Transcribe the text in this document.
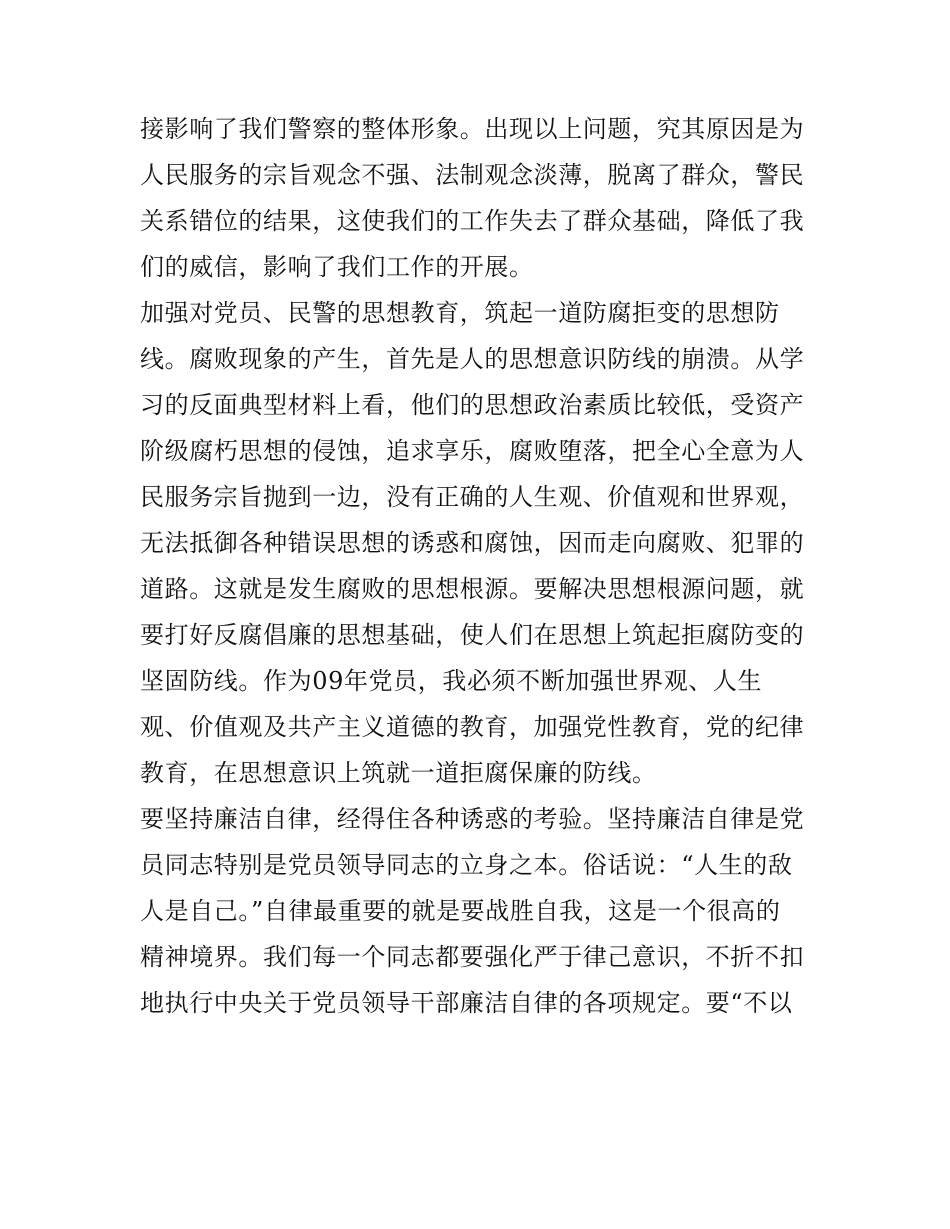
接影响了我们警察的整体形象。出现以上问题，究其原因是为
人民服务的宗旨观念不强、法制观念淡薄，脱离了群众，警民
关系错位的结果，这使我们的工作失去了群众基础，降低了我
们的威信，影响了我们工作的开展。
加强对党员、民警的思想教育，筑起一道防腐拒变的思想防
线。腐败现象的产生，首先是人的思想意识防线的崩溃。从学
习的反面典型材料上看，他们的思想政治素质比较低，受资产
阶级腐朽思想的侵蚀，追求享乐，腐败堕落，把全心全意为人
民服务宗旨抛到一边，没有正确的人生观、价值观和世界观，
无法抵御各种错误思想的诱惑和腐蚀，因而走向腐败、犯罪的
道路。这就是发生腐败的思想根源。要解决思想根源问题，就
要打好反腐倡廉的思想基础，使人们在思想上筑起拒腐防变的
坚固防线。作为09年党员，我必须不断加强世界观、人生
观、价值观及共产主义道德的教育，加强党性教育，党的纪律
教育，在思想意识上筑就一道拒腐保廉的防线。
要坚持廉洁自律，经得住各种诱惑的考验。坚持廉洁自律是党
员同志特别是党员领导同志的立身之本。俗话说：“人生的敌
人是自己。”自律最重要的就是要战胜自我，这是一个很高的
精神境界。我们每一个同志都要强化严于律己意识，不折不扣
地执行中央关于党员领导干部廉洁自律的各项规定。要“不以
